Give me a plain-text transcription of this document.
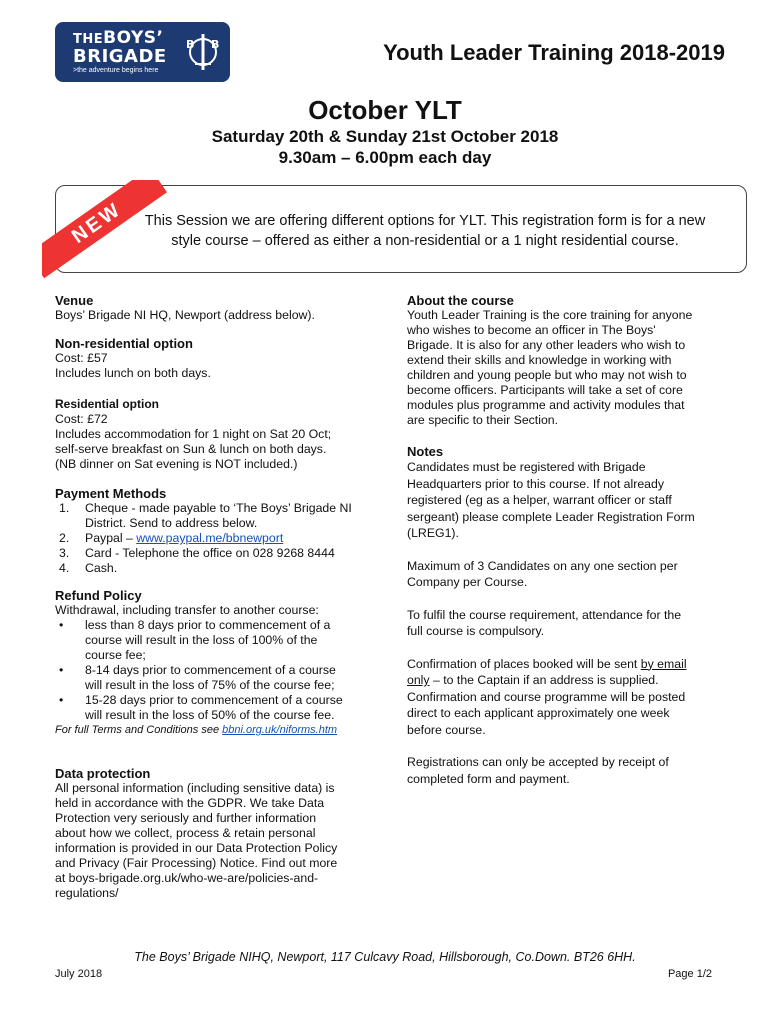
THEBOYS’
BRIGADE
>the adventure begins here
B B	Youth Leader Training 2018-2019
October YLT
Saturday 20th & Sunday 21st October 2018
9.30am – 6.00pm each day
NEW	This Session we are offering different options for YLT. This registration form is for a new style course – offered as either a non-residential or a 1 night residential course.

Venue

Boys’ Brigade NI HQ, Newport (address below).

Non-residential option

Cost: £57

Includes lunch on both days.

Residential option

Cost: £72

Includes accommodation for 1 night on Sat 20 Oct;

self-serve breakfast on Sun & lunch on both days.

(NB dinner on Sat evening is NOT included.)

Payment Methods

1. Cheque - made payable to ‘The Boys’ Brigade NI
District. Send to address below.
2. Paypal – www.paypal.me/bbnewport
3. Card - Telephone the office on 028 9268 8444
4. Cash.

Refund Policy

Withdrawal, including transfer to another course:

• less than 8 days prior to commencement of a
course will result in the loss of 100% of the
course fee;
• 8-14 days prior to commencement of a course
will result in the loss of 75% of the course fee;
• 15-28 days prior to commencement of a course
will result in the loss of 50% of the course fee.

For full Terms and Conditions see bbni.org.uk/niforms.htm

Data protection

All personal information (including sensitive data) is

held in accordance with the GDPR. We take Data

Protection very seriously and further information

about how we collect, process & retain personal

information is provided in our Data Protection Policy

and Privacy (Fair Processing) Notice. Find out more

at boys-brigade.org.uk/who-we-are/policies-and-

regulations/

About the course

Youth Leader Training is the core training for anyone

who wishes to become an officer in The Boys'

Brigade. It is also for any other leaders who wish to

extend their skills and knowledge in working with

children and young people but who may not wish to

become officers. Participants will take a set of core

modules plus programme and activity modules that

are specific to their Section.

Notes

Candidates must be registered with Brigade

Headquarters prior to this course. If not already

registered (eg as a helper, warrant officer or staff

sergeant) please complete Leader Registration Form

(LREG1).

Maximum of 3 Candidates on any one section per

Company per Course.

To fulfil the course requirement, attendance for the

full course is compulsory.

Confirmation of places booked will be sent by email

only – to the Captain if an address is supplied.

Confirmation and course programme will be posted

direct to each applicant approximately one week

before course.

Registrations can only be accepted by receipt of

completed form and payment.

The Boys’ Brigade NIHQ, Newport, 117 Culcavy Road, Hillsborough, Co.Down. BT26 6HH.
July 2018	Page 1/2
